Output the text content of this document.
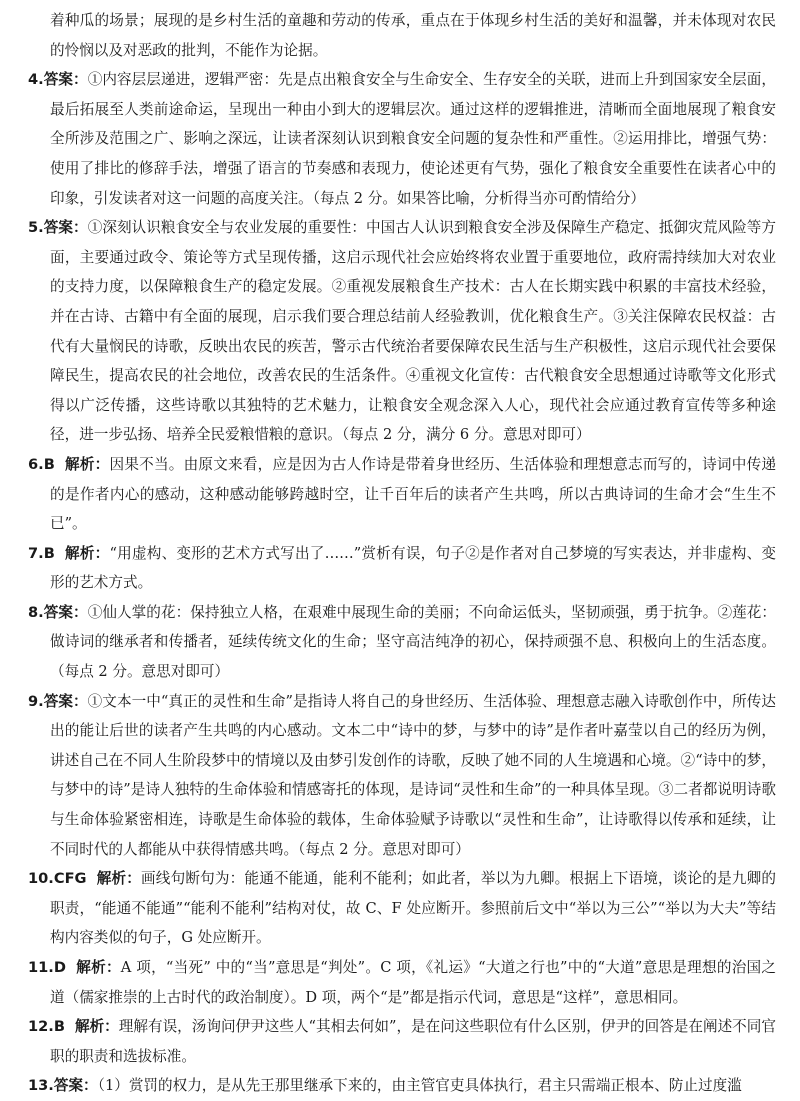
着种瓜的场景；展现的是乡村生活的童趣和劳动的传承，重点在于体现乡村生活的美好和温馨，并未体现对农民的怜悯以及对恶政的批判，不能作为论据。
4.答案：①内容层层递进，逻辑严密：先是点出粮食安全与生命安全、生存安全的关联，进而上升到国家安全层面，最后拓展至人类前途命运，呈现出一种由小到大的逻辑层次。通过这样的逻辑推进，清晰而全面地展现了粮食安全所涉及范围之广、影响之深远，让读者深刻认识到粮食安全问题的复杂性和严重性。②运用排比，增强气势：使用了排比的修辞手法，增强了语言的节奏感和表现力，使论述更有气势，强化了粮食安全重要性在读者心中的印象，引发读者对这一问题的高度关注。（每点 2 分。如果答比喻，分析得当亦可酌情给分）
5.答案：①深刻认识粮食安全与农业发展的重要性：中国古人认识到粮食安全涉及保障生产稳定、抵御灾荒风险等方面，主要通过政令、策论等方式呈现传播，这启示现代社会应始终将农业置于重要地位，政府需持续加大对农业的支持力度，以保障粮食生产的稳定发展。②重视发展粮食生产技术：古人在长期实践中积累的丰富技术经验，并在古诗、古籍中有全面的展现，启示我们要合理总结前人经验教训，优化粮食生产。③关注保障农民权益：古代有大量悯民的诗歌，反映出农民的疾苦，警示古代统治者要保障农民生活与生产积极性，这启示现代社会要保障民生，提高农民的社会地位，改善农民的生活条件。④重视文化宣传：古代粮食安全思想通过诗歌等文化形式得以广泛传播，这些诗歌以其独特的艺术魅力，让粮食安全观念深入人心，现代社会应通过教育宣传等多种途径，进一步弘扬、培养全民爱粮惜粮的意识。（每点 2 分，满分 6 分。意思对即可）
6.B 解析：因果不当。由原文来看，应是因为古人作诗是带着身世经历、生活体验和理想意志而写的，诗词中传递的是作者内心的感动，这种感动能够跨越时空，让千百年后的读者产生共鸣，所以古典诗词的生命才会“生生不已”。
7.B 解析：“用虚构、变形的艺术方式写出了……”赏析有误，句子②是作者对自己梦境的写实表达，并非虚构、变形的艺术方式。
8.答案：①仙人掌的花：保持独立人格，在艰难中展现生命的美丽；不向命运低头，坚韧顽强，勇于抗争。②莲花：做诗词的继承者和传播者，延续传统文化的生命；坚守高洁纯净的初心，保持顽强不息、积极向上的生活态度。（每点 2 分。意思对即可）
9.答案：①文本一中“真正的灵性和生命”是指诗人将自己的身世经历、生活体验、理想意志融入诗歌创作中，所传达出的能让后世的读者产生共鸣的内心感动。文本二中“诗中的梦，与梦中的诗”是作者叶嘉莹以自己的经历为例，讲述自己在不同人生阶段梦中的情境以及由梦引发创作的诗歌，反映了她不同的人生境遇和心境。②“诗中的梦，与梦中的诗”是诗人独特的生命体验和情感寄托的体现，是诗词“灵性和生命”的一种具体呈现。③二者都说明诗歌与生命体验紧密相连，诗歌是生命体验的载体，生命体验赋予诗歌以“灵性和生命”，让诗歌得以传承和延续，让不同时代的人都能从中获得情感共鸣。（每点 2 分。意思对即可）
10.CFG 解析：画线句断句为：能通不能通，能利不能利；如此者，举以为九卿。根据上下语境，谈论的是九卿的职责，“能通不能通”“能利不能利”结构对仗，故 C、F 处应断开。参照前后文中“举以为三公”“举以为大夫”等结构内容类似的句子，G 处应断开。
11.D 解析：A 项，“当死” 中的“当”意思是“判处”。C 项，《礼运》“大道之行也”中的“大道”意思是理想的治国之道（儒家推崇的上古时代的政治制度）。D 项，两个“是”都是指示代词，意思是“这样”，意思相同。
12.B 解析：理解有误，汤询问伊尹这些人“其相去何如”，是在问这些职位有什么区别，伊尹的回答是在阐述不同官职的职责和选拔标准。
13.答案：（1）赏罚的权力，是从先王那里继承下来的，由主管官吏具体执行，君主只需端正根本、防止过度滥
